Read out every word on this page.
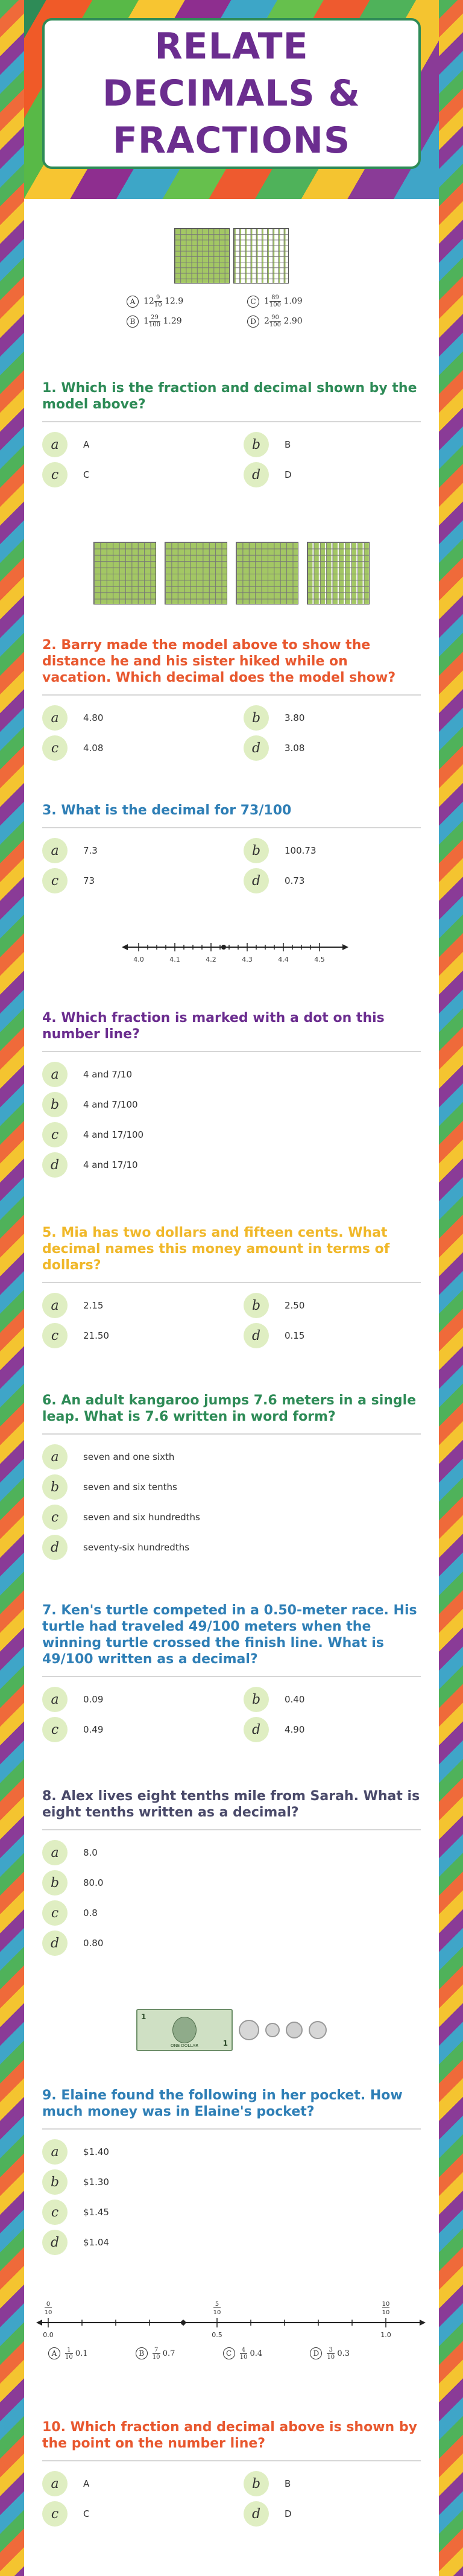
RELATE DECIMALS & FRACTIONS
A $12 \frac{9}{10} 12.9$	C $1 \frac{89}{100} 1.09$
B $1 \frac{29}{100} 1.29$	D $2 \frac{90}{100} 2.90$
1. Which is the fraction and decimal shown by the model above?
a	A	b	B
c	C	d	D
2. Barry made the model above to show the distance he and his sister hiked while on vacation. Which decimal does the model show?
a	4.80	b	3.80
c	4.08	d	3.08
3. What is the decimal for 73/100
a	7.3	b	100.73
c	73	d	0.73
4.0	4.1	4.2	4.3	4.4	4.5
4. Which fraction is marked with a dot on this number line?
a	4 and 7/10
b	4 and 7/100
c	4 and 17/100
d	4 and 17/10
5. Mia has two dollars and fifteen cents. What decimal names this money amount in terms of dollars?
a	2.15	b	2.50
c	21.50	d	0.15
6. An adult kangaroo jumps 7.6 meters in a single leap. What is 7.6 written in word form?
a	seven and one sixth
b	seven and six tenths
c	seven and six hundredths
d	seventy-six hundredths
7. Ken's turtle competed in a 0.50-meter race. His turtle had traveled 49/100 meters when the winning turtle crossed the finish line. What is 49/100 written as a decimal?
a	0.09	b	0.40
c	0.49	d	4.90
8. Alex lives eight tenths mile from Sarah. What is eight tenths written as a decimal?
a	8.0
b	80.0
c	0.8
d	0.80
1
1
ONE DOLLAR
9. Elaine found the following in her pocket. How much money was in Elaine's pocket?
a	$1.40
b	$1.30
c	$1.45
d	$1.04
0
10
5
10
10
10
0.0	0.5	1.0
A $\frac{1}{10} 0.1$	B $\frac{7}{10} 0.7$	C $\frac{4}{10} 0.4$	D $\frac{3}{10} 0.3$
10. Which fraction and decimal above is shown by the point on the number line?
a	A	b	B
c	C	d	D
